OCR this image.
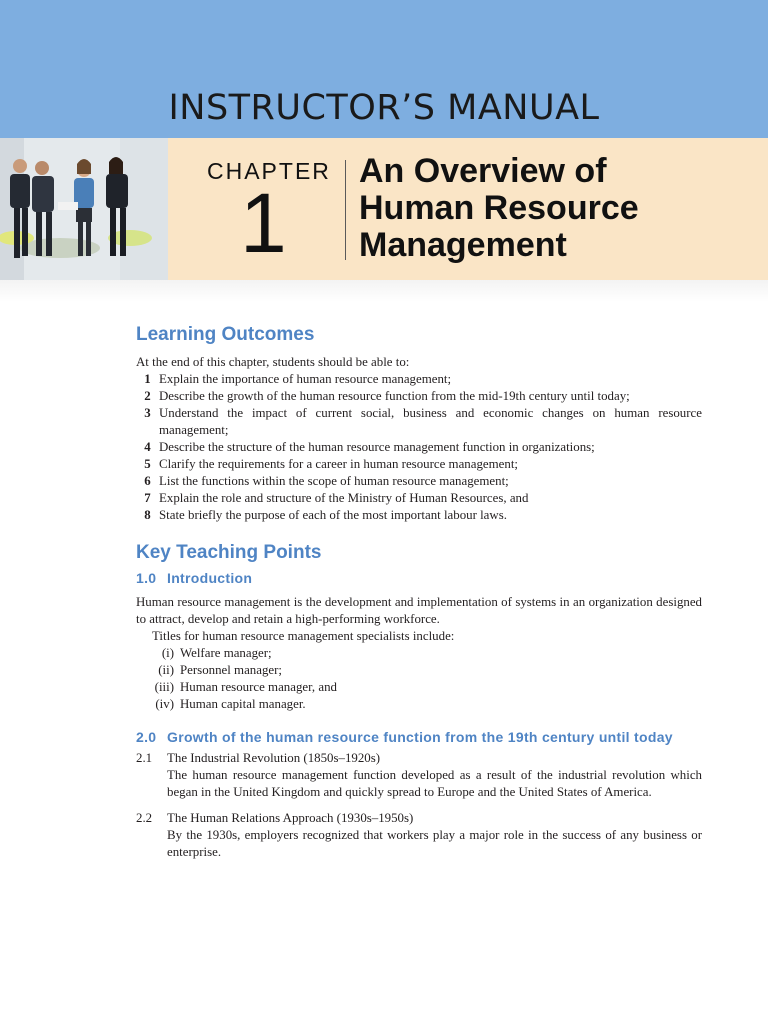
INSTRUCTOR’S MANUAL
CHAPTER
1
An Overview of
Human Resource
Management
Learning Outcomes

At the end of this chapter, students should be able to:

1 Explain the importance of human resource management;
2 Describe the growth of the human resource function from the mid-19th century until today;
3 Understand the impact of current social, business and economic changes on human resource management;
4 Describe the structure of the human resource management function in organizations;
5 Clarify the requirements for a career in human resource management;
6 List the functions within the scope of human resource management;
7 Explain the role and structure of the Ministry of Human Resources, and
8 State briefly the purpose of each of the most important labour laws.
Key Teaching Points
1.0 Introduction

Human resource management is the development and implementation of systems in an organization designed to attract, develop and retain a high-performing workforce.

Titles for human resource management specialists include:

(i) Welfare manager;
(ii) Personnel manager;
(iii) Human resource manager, and
(iv) Human capital manager.
2.0 Growth of the human resource function from the 19th century until today
2.1	The Industrial Revolution (1850s–1920s)

The human resource management function developed as a result of the industrial revolution which began in the United Kingdom and quickly spread to Europe and the United States of America.

2.2	The Human Relations Approach (1930s–1950s)

By the 1930s, employers recognized that workers play a major role in the success of any business or enterprise.
